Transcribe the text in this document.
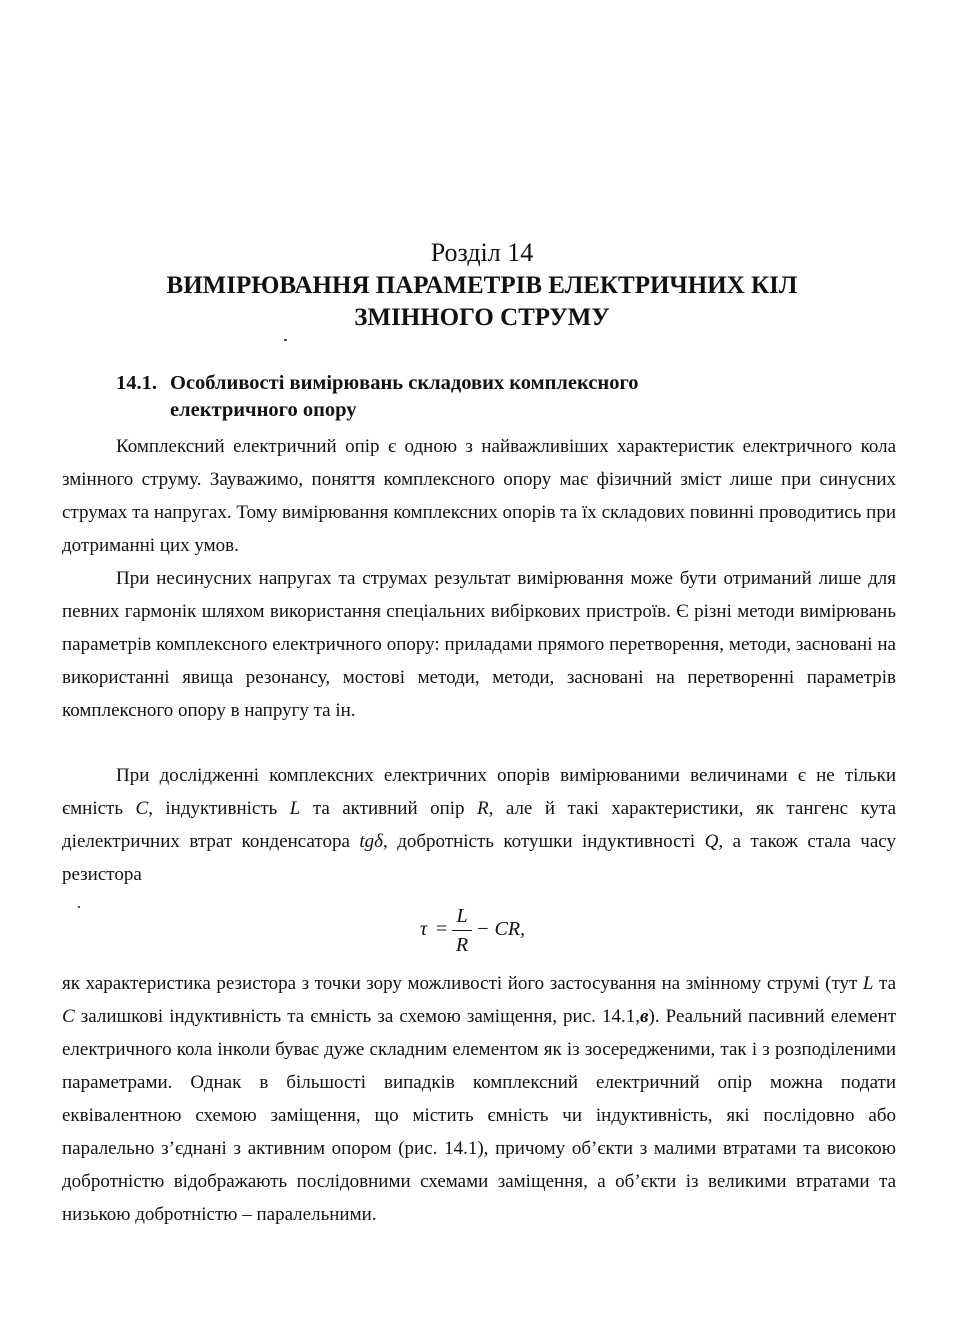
Розділ 14
ВИМІРЮВАННЯ ПАРАМЕТРІВ ЕЛЕКТРИЧНИХ КІЛ
ЗМІННОГО СТРУМУ
14.1. Особливості вимірювань складових комплексного
електричного опору

Комплексний електричний опір є одною з найважливіших характеристик електричного кола змінного струму. Зауважимо, поняття комплексного опору має фізичний зміст лише при синусних струмах та напругах. Тому вимірювання комплексних опорів та їх складових повинні проводитись при дотриманні цих умов.

При несинусних напругах та струмах результат вимірювання може бути отриманий лише для певних гармонік шляхом використання спеціальних вибіркових пристроїв. Є різні методи вимірювань параметрів комплексного електричного опору: приладами прямого перетворення, методи, засновані на використанні явища резонансу, мостові методи, методи, засновані на перетворенні параметрів комплексного опору в напругу та ін.

При дослідженні комплексних електричних опорів вимірюваними величинами є не тільки ємність C, індуктивність L та активний опір R, але й такі характеристики, як тангенс кута діелектричних втрат конденсатора tgδ, добротність котушки індуктивності Q, а також стала часу резистора

τ =
L
R
− CR,

як характеристика резистора з точки зору можливості його застосування на змінному струмі (тут L та C залишкові індуктивність та ємність за схемою заміщення, рис. 14.1,в). Реальний пасивний елемент електричного кола інколи буває дуже складним елементом як із зосередженими, так і з розподіленими параметрами. Однак в більшості випадків комплексний електричний опір можна подати еквівалентною схемою заміщення, що містить ємність чи індуктивність, які послідовно або паралельно з’єднані з активним опором (рис. 14.1), причому об’єкти з малими втратами та високою добротністю відображають послідовними схемами заміщення, а об’єкти із великими втратами та низькою добротністю – паралельними.
